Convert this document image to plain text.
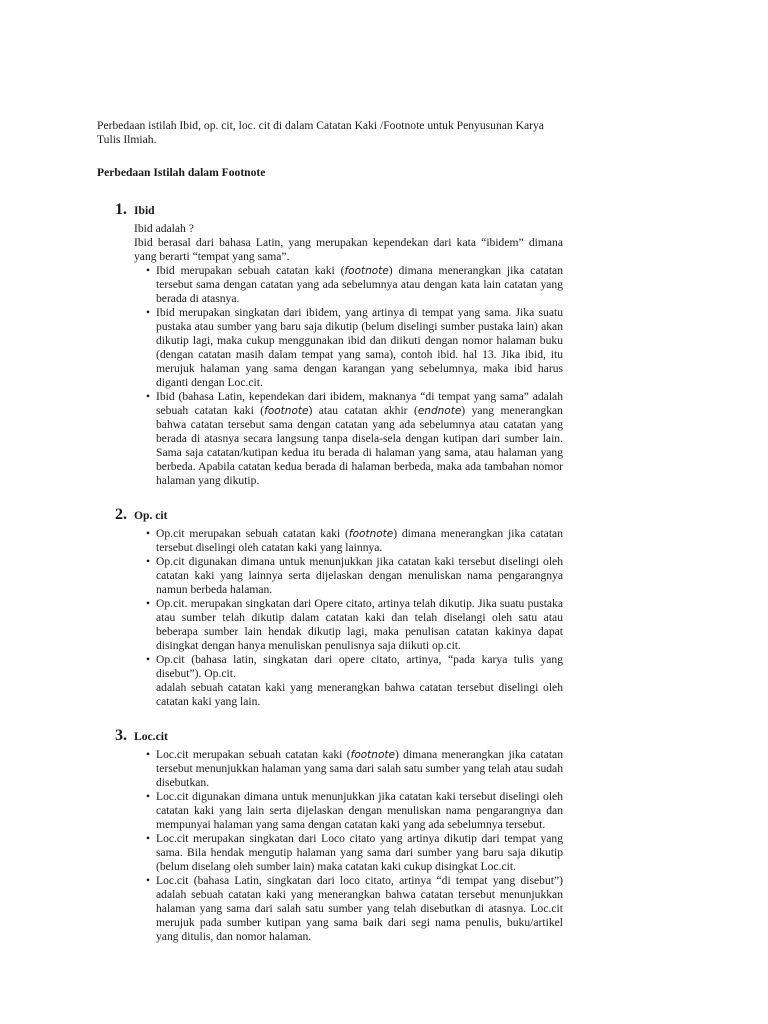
Perbedaan istilah Ibid, op. cit, loc. cit di dalam Catatan Kaki /Footnote untuk Penyusunan Karya Tulis Ilmiah.
Perbedaan Istilah dalam Footnote
1. Ibid
Ibid adalah ?
Ibid berasal dari bahasa Latin, yang merupakan kependekan dari kata “ibidem” dimana yang berarti “tempat yang sama”.
• Ibid merupakan sebuah catatan kaki (footnote) dimana menerangkan jika catatan tersebut sama dengan catatan yang ada sebelumnya atau dengan kata lain catatan yang berada di atasnya.
• Ibid merupakan singkatan dari ibidem, yang artinya di tempat yang sama. Jika suatu pustaka atau sumber yang baru saja dikutip (belum diselingi sumber pustaka lain) akan dikutip lagi, maka cukup menggunakan ibid dan diikuti dengan nomor halaman buku (dengan catatan masih dalam tempat yang sama), contoh ibid. hal 13. Jika ibid, itu merujuk halaman yang sama dengan karangan yang sebelumnya, maka ibid harus diganti dengan Loc.cit.
• Ibid (bahasa Latin, kependekan dari ibidem, maknanya “di tempat yang sama” adalah sebuah catatan kaki (footnote) atau catatan akhir (endnote) yang menerangkan bahwa catatan tersebut sama dengan catatan yang ada sebelumnya atau catatan yang berada di atasnya secara langsung tanpa disela-sela dengan kutipan dari sumber lain. Sama saja catatan/kutipan kedua itu berada di halaman yang sama, atau halaman yang berbeda. Apabila catatan kedua berada di halaman berbeda, maka ada tambahan nomor halaman yang dikutip.
2. Op. cit
• Op.cit merupakan sebuah catatan kaki (footnote) dimana menerangkan jika catatan tersebut diselingi oleh catatan kaki yang lainnya.
• Op.cit digunakan dimana untuk menunjukkan jika catatan kaki tersebut diselingi oleh catatan kaki yang lainnya serta dijelaskan dengan menuliskan nama pengarangnya namun berbeda halaman.
• Op.cit. merupakan singkatan dari Opere citato, artinya telah dikutip. Jika suatu pustaka atau sumber telah dikutip dalam catatan kaki dan telah diselangi oleh satu atau beberapa sumber lain hendak dikutip lagi, maka penulisan catatan kakinya dapat disingkat dengan hanya menuliskan penulisnya saja diikuti op.cit.
• Op.cit (bahasa latin, singkatan dari opere citato, artinya, “pada karya tulis yang disebut”). Op.cit.
adalah sebuah catatan kaki yang menerangkan bahwa catatan tersebut diselingi oleh catatan kaki yang lain.
3. Loc.cit
• Loc.cit merupakan sebuah catatan kaki (footnote) dimana menerangkan jika catatan tersebut menunjukkan halaman yang sama dari salah satu sumber yang telah atau sudah disebutkan.
• Loc.cit digunakan dimana untuk menunjukkan jika catatan kaki tersebut diselingi oleh catatan kaki yang lain serta dijelaskan dengan menuliskan nama pengarangnya dan mempunyai halaman yang sama dengan catatan kaki yang ada sebelumnya tersebut.
• Loc.cit merupakan singkatan dari Loco citato yang artinya dikutip dari tempat yang sama. Bila hendak mengutip halaman yang sama dari sumber yang baru saja dikutip (belum diselang oleh sumber lain) maka catatan kaki cukup disingkat Loc.cit.
• Loc.cit (bahasa Latin, singkatan dari loco citato, artinya “di tempat yang disebut”) adalah sebuah catatan kaki yang menerangkan bahwa catatan tersebut menunjukkan halaman yang sama dari salah satu sumber yang telah disebutkan di atasnya. Loc.cit merujuk pada sumber kutipan yang sama baik dari segi nama penulis, buku/artikel yang ditulis, dan nomor halaman.
